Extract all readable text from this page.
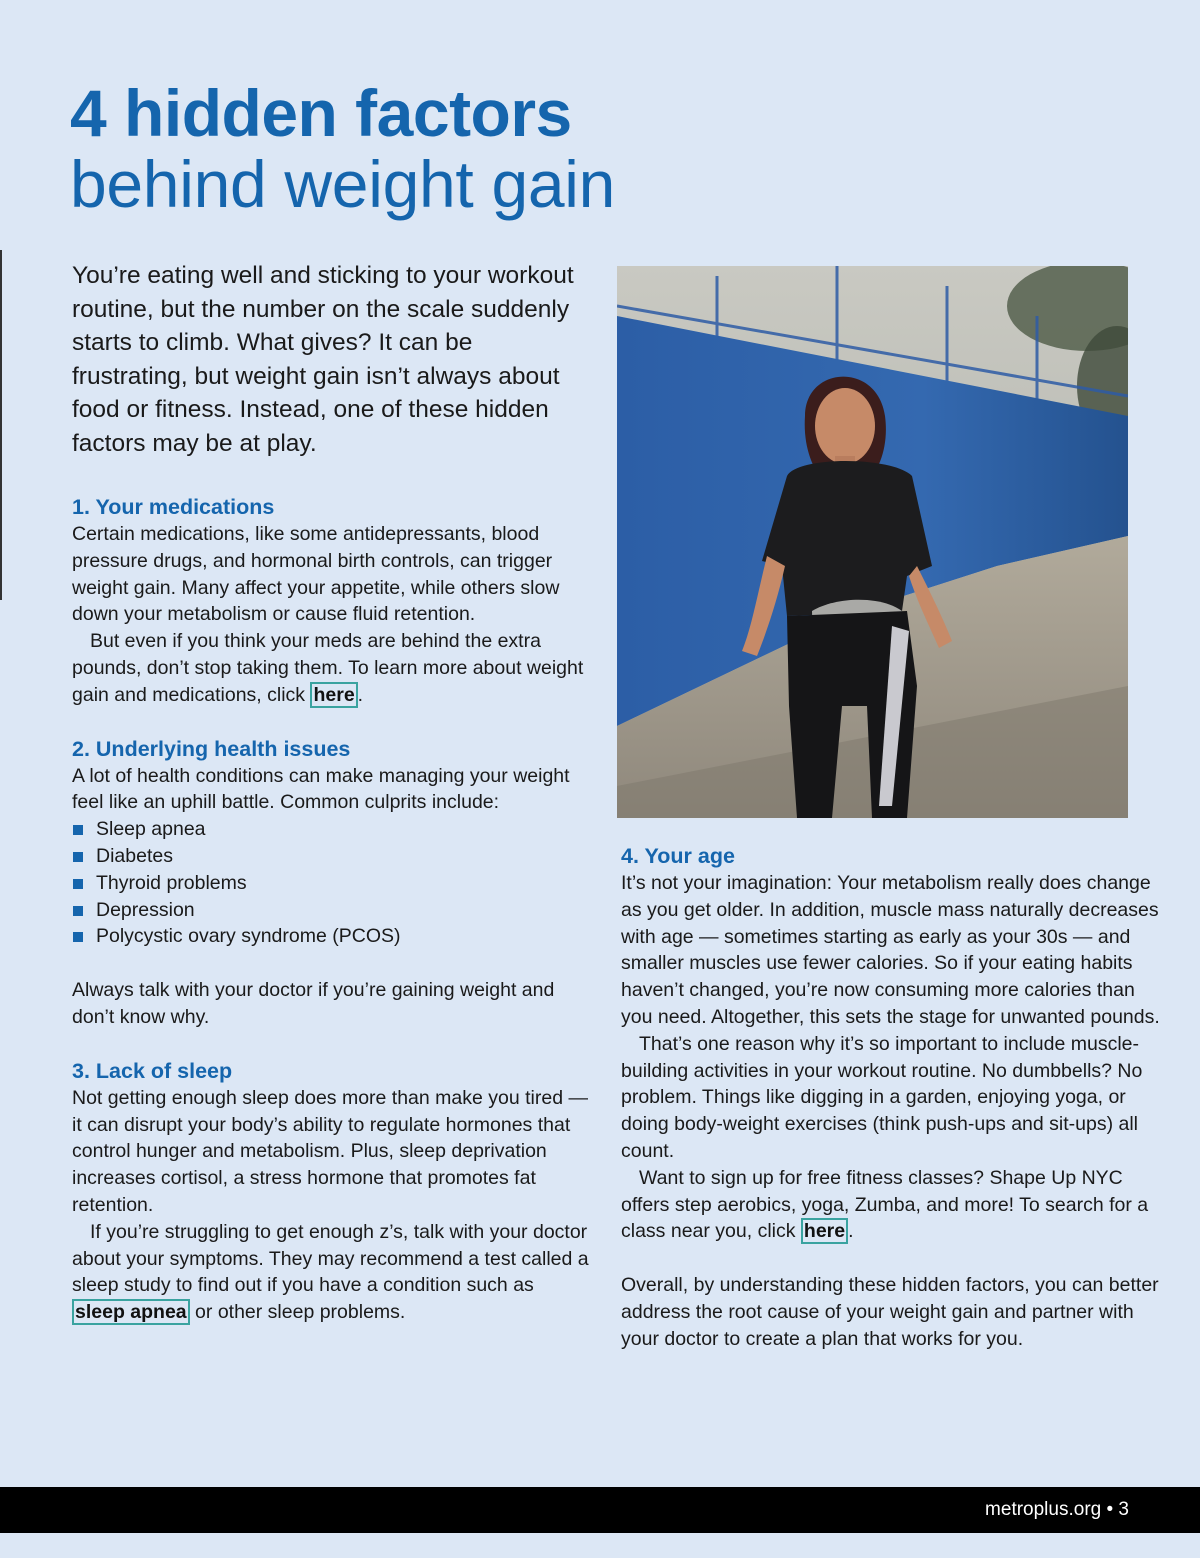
4 hidden factors
behind weight gain

You’re eating well and sticking to your workout routine, but the number on the scale suddenly starts to climb. What gives? It can be frustrating, but weight gain isn’t always about food or fitness. Instead, one of these hidden factors may be at play.

1. Your medications

Certain medications, like some antidepressants, blood pressure drugs, and hormonal birth controls, can trigger weight gain. Many affect your appetite, while others slow down your metabolism or cause fluid retention.

But even if you think your meds are behind the extra pounds, don’t stop taking them. To learn more about weight gain and medications, click here .

2. Underlying health issues

A lot of health conditions can make managing your weight feel like an uphill battle. Common culprits include:

Sleep apnea
Diabetes
Thyroid problems
Depression
Polycystic ovary syndrome (PCOS)

Always talk with your doctor if you’re gaining weight and don’t know why.

3. Lack of sleep

Not getting enough sleep does more than make you tired — it can disrupt your body’s ability to regulate hormones that control hunger and metabolism. Plus, sleep deprivation increases cortisol, a stress hormone that promotes fat retention.

If you’re struggling to get enough z’s, talk with your doctor about your symptoms. They may recommend a test called a sleep study to find out if you have a condition such as sleep apnea or other sleep problems.

4. Your age

It’s not your imagination: Your metabolism really does change as you get older. In addition, muscle mass naturally decreases with age — sometimes starting as early as your 30s — and smaller muscles use fewer calories. So if your eating habits haven’t changed, you’re now consuming more calories than you need. Altogether, this sets the stage for unwanted pounds.

That’s one reason why it’s so important to include muscle-building activities in your workout routine. No dumbbells? No problem. Things like digging in a garden, enjoying yoga, or doing body-weight exercises (think push-ups and sit-ups) all count.

Want to sign up for free fitness classes? Shape Up NYC offers step aerobics, yoga, Zumba, and more! To search for a class near you, click here .

Overall, by understanding these hidden factors, you can better address the root cause of your weight gain and partner with your doctor to create a plan that works for you.

metroplus.org • 3
